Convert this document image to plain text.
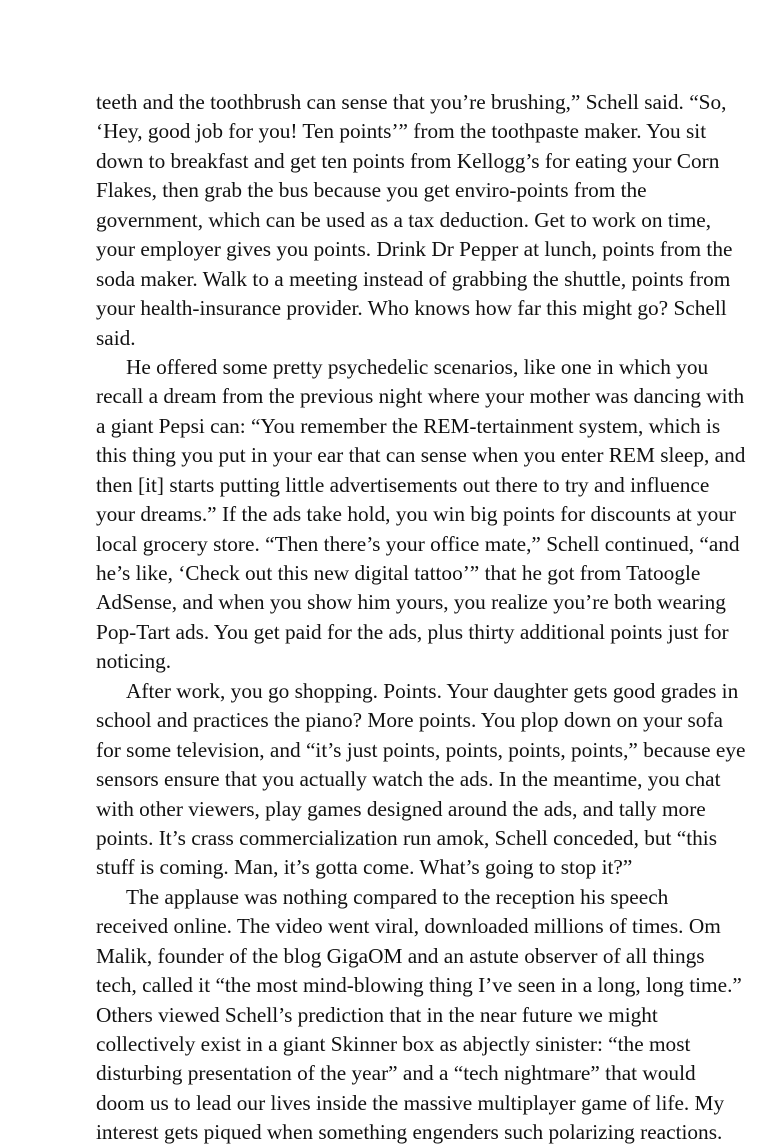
teeth and the toothbrush can sense that you’re brushing,” Schell said. “So,
‘Hey, good job for you! Ten points’” from the toothpaste maker. You sit
down to breakfast and get ten points from Kellogg’s for eating your Corn
Flakes, then grab the bus because you get enviro-points from the
government, which can be used as a tax deduction. Get to work on time,
your employer gives you points. Drink Dr Pepper at lunch, points from the
soda maker. Walk to a meeting instead of grabbing the shuttle, points from
your health-insurance provider. Who knows how far this might go? Schell
said.
He offered some pretty psychedelic scenarios, like one in which you
recall a dream from the previous night where your mother was dancing with
a giant Pepsi can: “You remember the REM-tertainment system, which is
this thing you put in your ear that can sense when you enter REM sleep, and
then [it] starts putting little advertisements out there to try and influence
your dreams.” If the ads take hold, you win big points for discounts at your
local grocery store. “Then there’s your office mate,” Schell continued, “and
he’s like, ‘Check out this new digital tattoo’” that he got from Tatoogle
AdSense, and when you show him yours, you realize you’re both wearing
Pop-Tart ads. You get paid for the ads, plus thirty additional points just for
noticing.
After work, you go shopping. Points. Your daughter gets good grades in
school and practices the piano? More points. You plop down on your sofa
for some television, and “it’s just points, points, points, points,” because eye
sensors ensure that you actually watch the ads. In the meantime, you chat
with other viewers, play games designed around the ads, and tally more
points. It’s crass commercialization run amok, Schell conceded, but “this
stuff is coming. Man, it’s gotta come. What’s going to stop it?”
The applause was nothing compared to the reception his speech
received online. The video went viral, downloaded millions of times. Om
Malik, founder of the blog GigaOM and an astute observer of all things
tech, called it “the most mind-blowing thing I’ve seen in a long, long time.”
Others viewed Schell’s prediction that in the near future we might
collectively exist in a giant Skinner box as abjectly sinister: “the most
disturbing presentation of the year” and a “tech nightmare” that would
doom us to lead our lives inside the massive multiplayer game of life. My
interest gets piqued when something engenders such polarizing reactions.
